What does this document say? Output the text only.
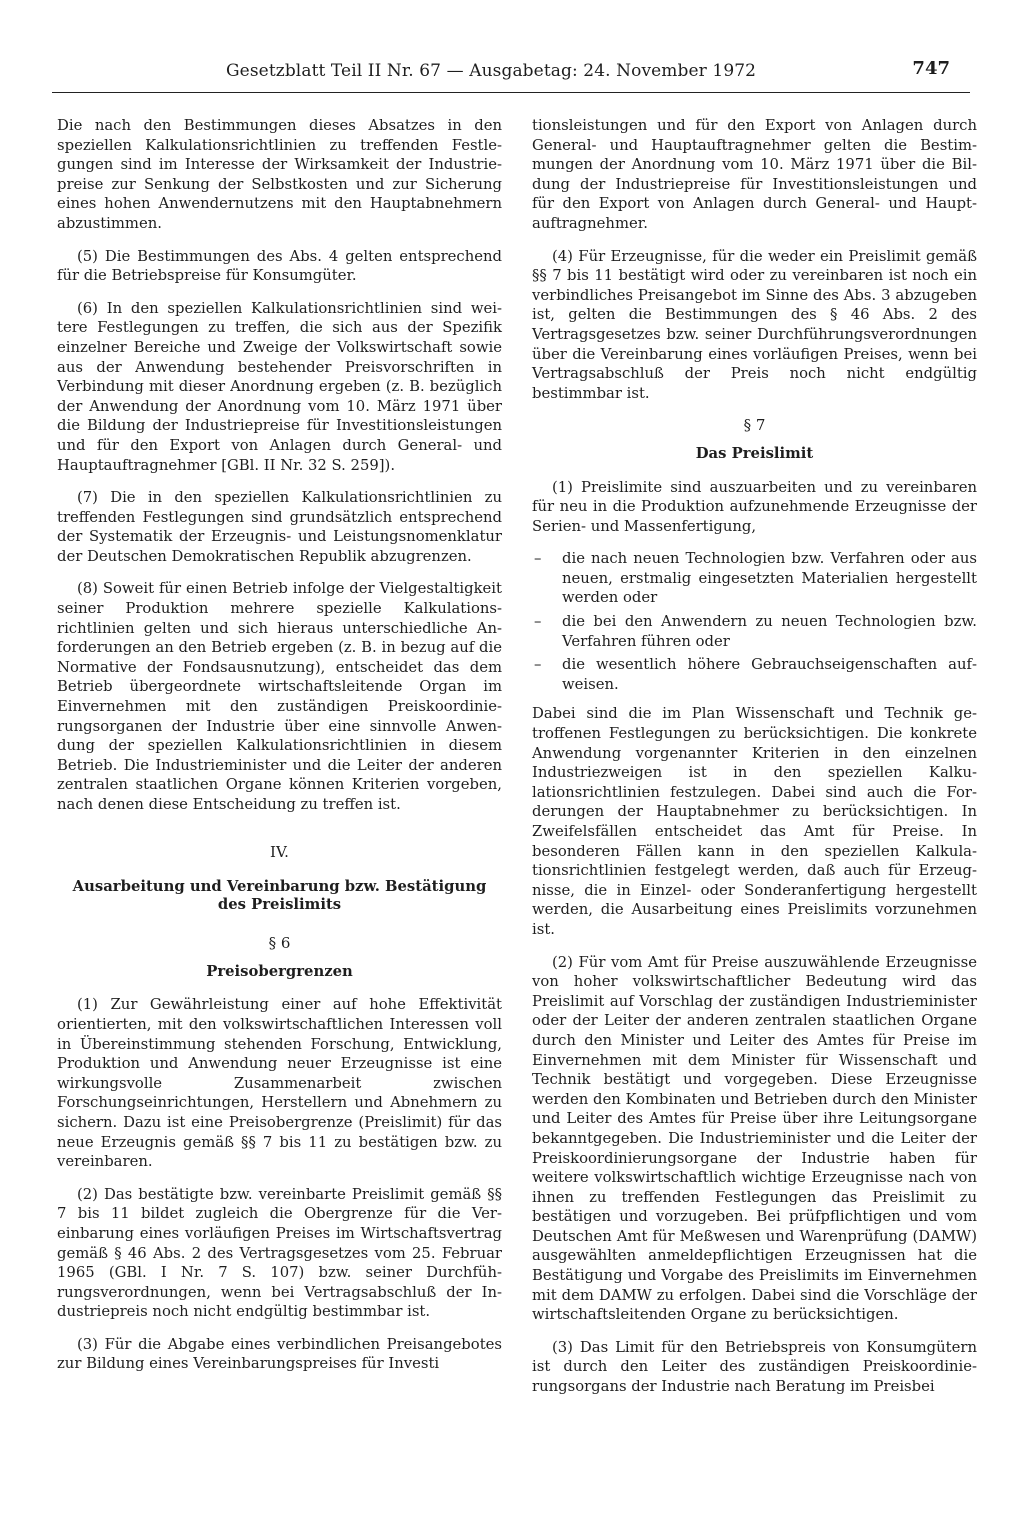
Gesetzblatt Teil II Nr. 67 — Ausgabetag: 24. November 1972	747

Die nach den Bestimmungen dieses Absatzes in den speziellen Kalkulationsrichtlinien zu treffenden Festlegungen sind im Interesse der Wirksamkeit der Industriepreise zur Senkung der Selbstkosten und zur Sicherung eines hohen Anwendernutzens mit den Hauptabnehmern abzustimmen.

(5) Die Bestimmungen des Abs. 4 gelten entsprechend für die Betriebspreise für Konsumgüter.

(6) In den speziellen Kalkulationsrichtlinien sind weitere Festlegungen zu treffen, die sich aus der Spezifik einzelner Bereiche und Zweige der Volkswirtschaft sowie aus der Anwendung bestehender Preisvorschriften in Verbindung mit dieser Anordnung ergeben (z. B. bezüglich der Anwendung der Anordnung vom 10. März 1971 über die Bildung der Industriepreise für Investitionsleistungen und für den Export von Anlagen durch General- und Hauptauftragnehmer [GBl. II Nr. 32 S. 259]).

(7) Die in den speziellen Kalkulationsrichtlinien zu treffenden Festlegungen sind grundsätzlich entsprechend der Systematik der Erzeugnis- und Leistungsnomenklatur der Deutschen Demokratischen Republik abzugrenzen.

(8) Soweit für einen Betrieb infolge der Vielgestaltigkeit seiner Produktion mehrere spezielle Kalkulationsrichtlinien gelten und sich hieraus unterschiedliche Anforderungen an den Betrieb ergeben (z. B. in bezug auf die Normative der Fondsausnutzung), entscheidet das dem Betrieb übergeordnete wirtschaftsleitende Organ im Einvernehmen mit den zuständigen Preiskoordinierungsorganen der Industrie über eine sinnvolle Anwendung der speziellen Kalkulationsrichtlinien in diesem Betrieb. Die Industrieminister und die Leiter der anderen zentralen staatlichen Organe können Kriterien vorgeben, nach denen diese Entscheidung zu treffen ist.

IV.
Ausarbeitung und Vereinbarung bzw. Bestätigung des Preislimits
§ 6
Preisobergrenzen

(1) Zur Gewährleistung einer auf hohe Effektivität orientierten, mit den volkswirtschaftlichen Interessen voll in Übereinstimmung stehenden Forschung, Entwicklung, Produktion und Anwendung neuer Erzeugnisse ist eine wirkungsvolle Zusammenarbeit zwischen Forschungseinrichtungen, Herstellern und Abnehmern zu sichern. Dazu ist eine Preisobergrenze (Preislimit) für das neue Erzeugnis gemäß §§ 7 bis 11 zu bestätigen bzw. zu vereinbaren.

(2) Das bestätigte bzw. vereinbarte Preislimit gemäß §§ 7 bis 11 bildet zugleich die Obergrenze für die Vereinbarung eines vorläufigen Preises im Wirtschaftsvertrag gemäß § 46 Abs. 2 des Vertragsgesetzes vom 25. Februar 1965 (GBl. I Nr. 7 S. 107) bzw. seiner Durchführungsverordnungen, wenn bei Vertragsabschluß der Industriepreis noch nicht endgültig bestimmbar ist.

(3) Für die Abgabe eines verbindlichen Preisangebotes zur Bildung eines Vereinbarungspreises für Investi

tionsleistungen und für den Export von Anlagen durch General- und Hauptauftragnehmer gelten die Bestimmungen der Anordnung vom 10. März 1971 über die Bildung der Industriepreise für Investitionsleistungen und für den Export von Anlagen durch General- und Hauptauftragnehmer.

(4) Für Erzeugnisse, für die weder ein Preislimit gemäß §§ 7 bis 11 bestätigt wird oder zu vereinbaren ist noch ein verbindliches Preisangebot im Sinne des Abs. 3 abzugeben ist, gelten die Bestimmungen des § 46 Abs. 2 des Vertragsgesetzes bzw. seiner Durchführungsverordnungen über die Vereinbarung eines vorläufigen Preises, wenn bei Vertragsabschluß der Preis noch nicht endgültig bestimmbar ist.

§ 7
Das Preislimit

(1) Preislimite sind auszuarbeiten und zu vereinbaren für neu in die Produktion aufzunehmende Erzeugnisse der Serien- und Massenfertigung,

– die nach neuen Technologien bzw. Verfahren oder aus neuen, erstmalig eingesetzten Materialien hergestellt werden oder
– die bei den Anwendern zu neuen Technologien bzw. Verfahren führen oder
– die wesentlich höhere Gebrauchseigenschaften aufweisen.

Dabei sind die im Plan Wissenschaft und Technik getroffenen Festlegungen zu berücksichtigen. Die konkrete Anwendung vorgenannter Kriterien in den einzelnen Industriezweigen ist in den speziellen Kalkulationsrichtlinien festzulegen. Dabei sind auch die Forderungen der Hauptabnehmer zu berücksichtigen. In Zweifelsfällen entscheidet das Amt für Preise. In besonderen Fällen kann in den speziellen Kalkulationsrichtlinien festgelegt werden, daß auch für Erzeugnisse, die in Einzel- oder Sonderanfertigung hergestellt werden, die Ausarbeitung eines Preislimits vorzunehmen ist.

(2) Für vom Amt für Preise auszuwählende Erzeugnisse von hoher volkswirtschaftlicher Bedeutung wird das Preislimit auf Vorschlag der zuständigen Industrieminister oder der Leiter der anderen zentralen staatlichen Organe durch den Minister und Leiter des Amtes für Preise im Einvernehmen mit dem Minister für Wissenschaft und Technik bestätigt und vorgegeben. Diese Erzeugnisse werden den Kombinaten und Betrieben durch den Minister und Leiter des Amtes für Preise über ihre Leitungsorgane bekanntgegeben. Die Industrieminister und die Leiter der Preiskoordinierungsorgane der Industrie haben für weitere volkswirtschaftlich wichtige Erzeugnisse nach von ihnen zu treffenden Festlegungen das Preislimit zu bestätigen und vorzugeben. Bei prüfpflichtigen und vom Deutschen Amt für Meßwesen und Warenprüfung (DAMW) ausgewählten anmeldepflichtigen Erzeugnissen hat die Bestätigung und Vorgabe des Preislimits im Einvernehmen mit dem DAMW zu erfolgen. Dabei sind die Vorschläge der wirtschaftsleitenden Organe zu berücksichtigen.

(3) Das Limit für den Betriebspreis von Konsumgütern ist durch den Leiter des zuständigen Preiskoordinierungsorgans der Industrie nach Beratung im Preisbei
